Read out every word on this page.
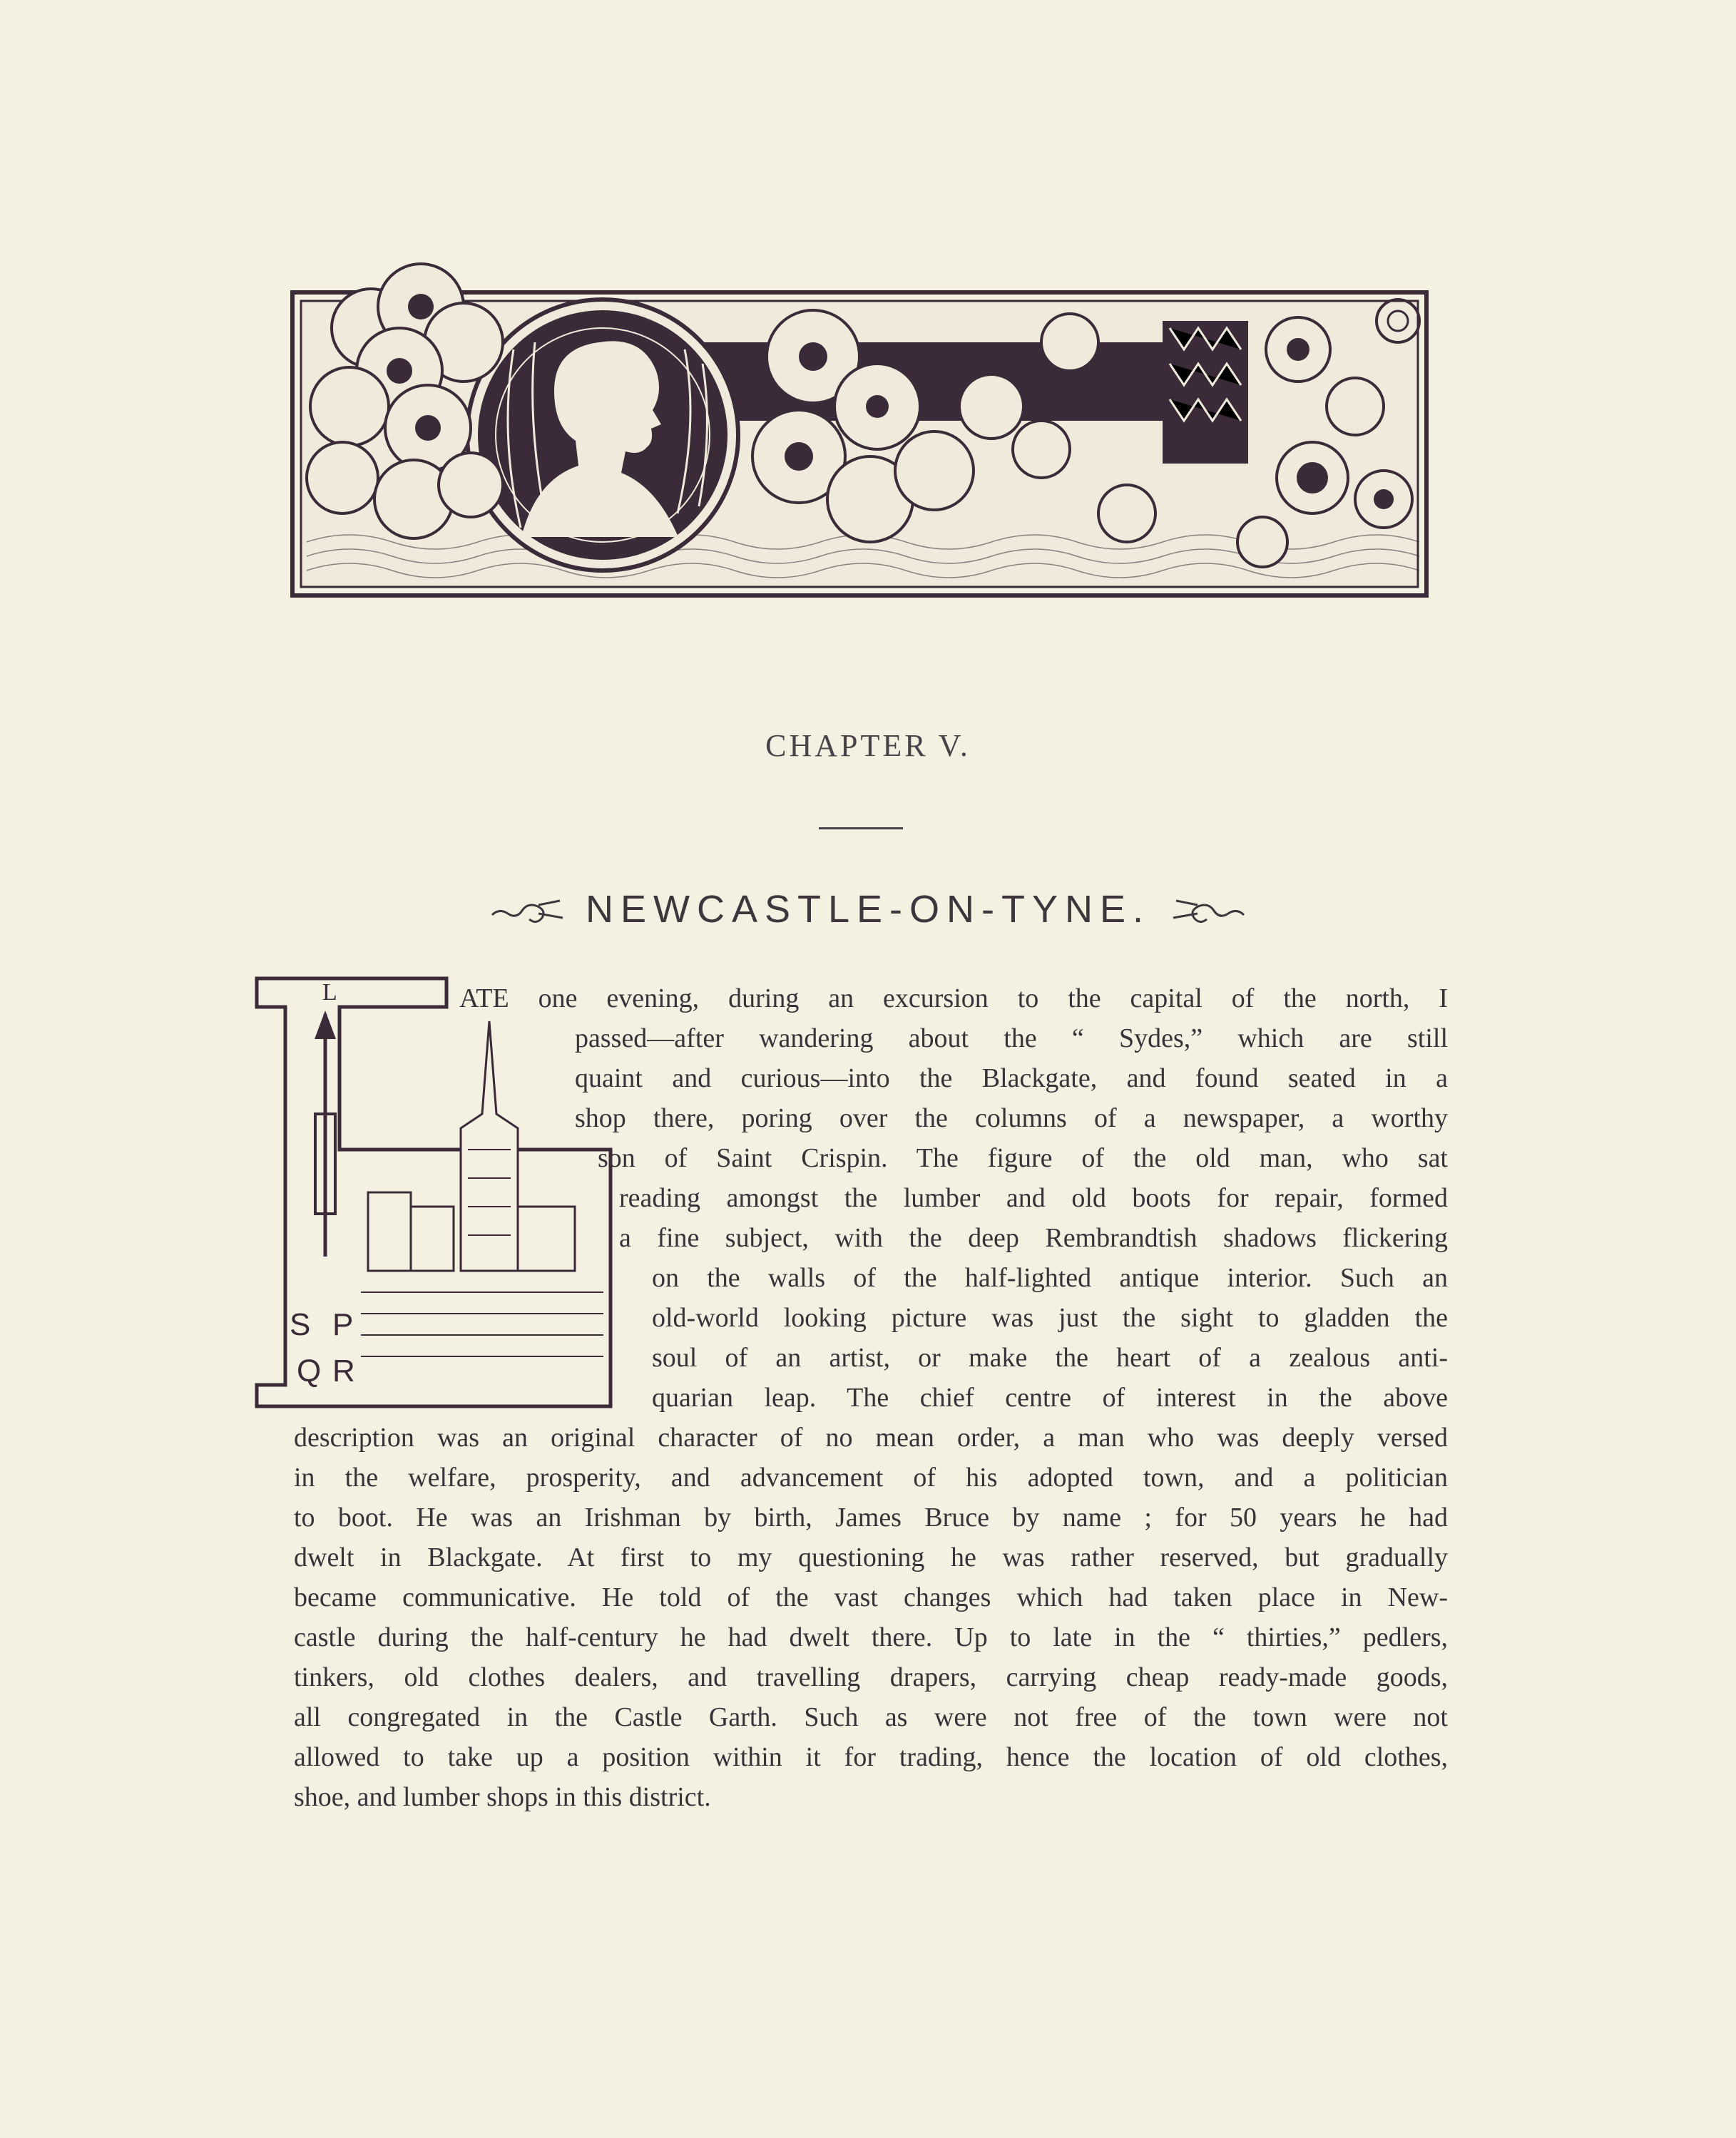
CHAPTER V.
NEWCASTLE-ON-TYNE.
L
S P
Q R
ATE one evening, during an excursion to the capital of the north, I
passed—after wandering about the “ Sydes,” which are still
quaint and curious—into the Blackgate, and found seated in a
shop there, poring over the columns of a newspaper, a worthy
son of Saint Crispin. The figure of the old man, who sat
reading amongst the lumber and old boots for repair, formed
a fine subject, with the deep Rembrandtish shadows flickering
on the walls of the half-lighted antique interior. Such an
old-world looking picture was just the sight to gladden the
soul of an artist, or make the heart of a zealous anti-
quarian leap. The chief centre of interest in the above
description was an original character of no mean order, a man who was deeply versed
in the welfare, prosperity, and advancement of his adopted town, and a politician
to boot. He was an Irishman by birth, James Bruce by name ; for 50 years he had
dwelt in Blackgate. At first to my questioning he was rather reserved, but gradually
became communicative. He told of the vast changes which had taken place in New-
castle during the half-century he had dwelt there. Up to late in the “ thirties,” pedlers,
tinkers, old clothes dealers, and travelling drapers, carrying cheap ready-made goods,
all congregated in the Castle Garth. Such as were not free of the town were not
allowed to take up a position within it for trading, hence the location of old clothes,
shoe, and lumber shops in this district.
